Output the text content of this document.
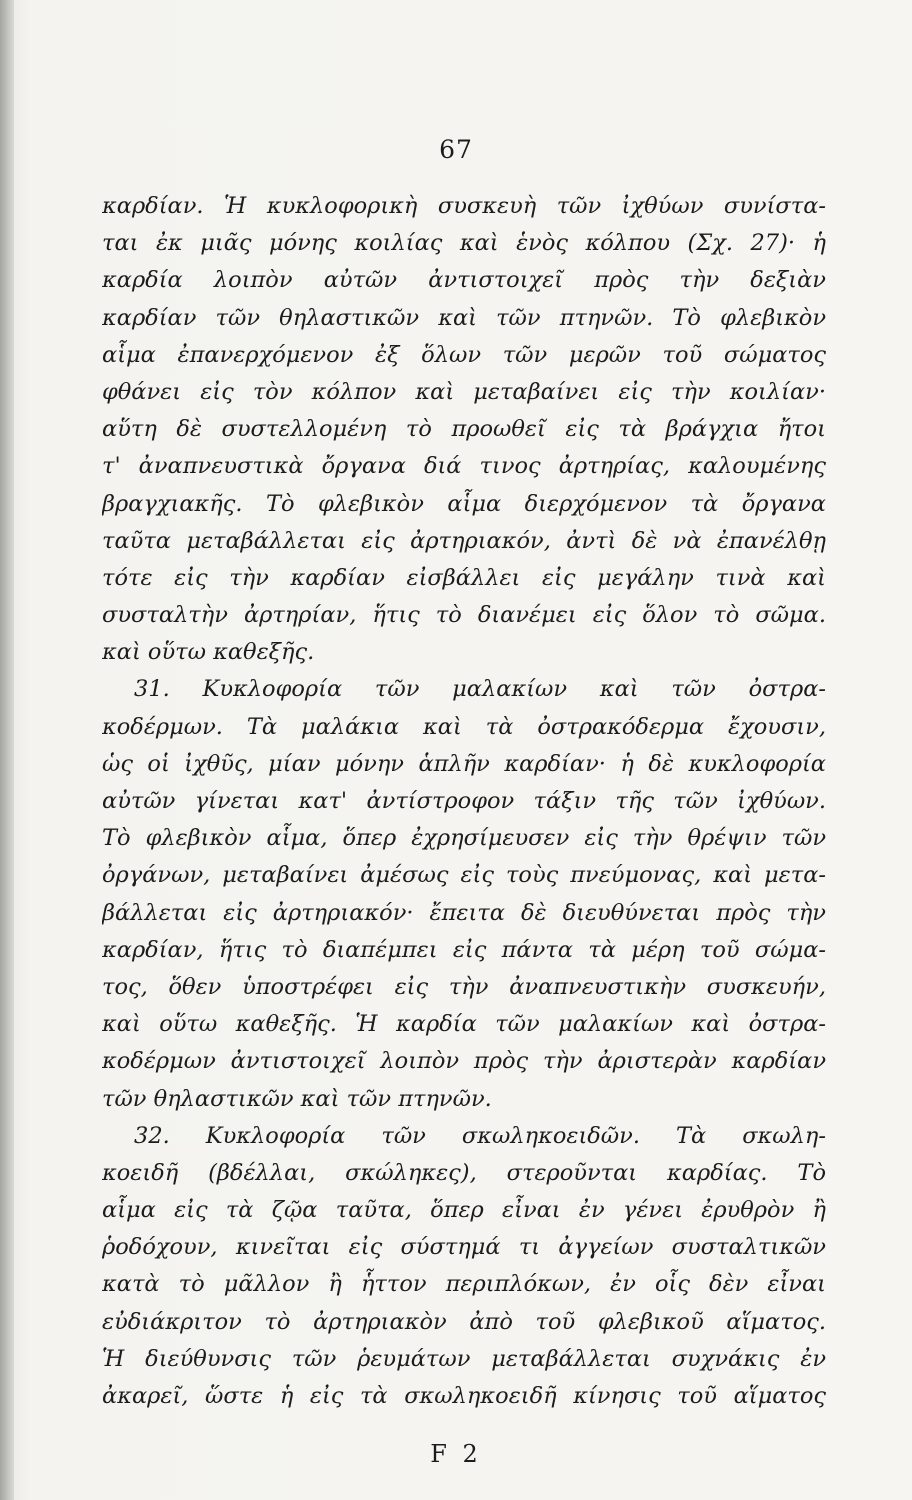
67
καρδίαν. Ἡ κυκλοφορικὴ συσκευὴ τῶν ἰχθύων συνίστα-
ται ἐκ μιᾶς μόνης κοιλίας καὶ ἑνὸς κόλπου (Σχ. 27)· ἡ
καρδία λοιπὸν αὐτῶν ἀντιστοιχεῖ πρὸς τὴν δεξιὰν
καρδίαν τῶν θηλαστικῶν καὶ τῶν πτηνῶν. Τὸ φλεβικὸν
αἷμα ἐπανερχόμενον ἐξ ὅλων τῶν μερῶν τοῦ σώματος
φθάνει εἰς τὸν κόλπον καὶ μεταβαίνει εἰς τὴν κοιλίαν·
αὕτη δὲ συστελλομένη τὸ προωθεῖ εἰς τὰ βράγχια ἤτοι
τ' ἀναπνευστικὰ ὄργανα διά τινος ἀρτηρίας, καλουμένης
βραγχιακῆς. Τὸ φλεβικὸν αἷμα διερχόμενον τὰ ὄργανα
ταῦτα μεταβάλλεται εἰς ἀρτηριακόν, ἀντὶ δὲ νὰ ἐπανέλθῃ
τότε εἰς τὴν καρδίαν εἰσβάλλει εἰς μεγάλην τινὰ καὶ
συσταλτὴν ἀρτηρίαν, ἥτις τὸ διανέμει εἰς ὅλον τὸ σῶμα.
καὶ οὕτω καθεξῆς.
31. Κυκλοφορία τῶν μαλακίων καὶ τῶν ὀστρα-
κοδέρμων. Τὰ μαλάκια καὶ τὰ ὀστρακόδερμα ἔχουσιν,
ὡς οἱ ἰχθῦς, μίαν μόνην ἁπλῆν καρδίαν· ἡ δὲ κυκλοφορία
αὐτῶν γίνεται κατ' ἀντίστροφον τάξιν τῆς τῶν ἰχθύων.
Τὸ φλεβικὸν αἷμα, ὅπερ ἐχρησίμευσεν εἰς τὴν θρέψιν τῶν
ὀργάνων, μεταβαίνει ἀμέσως εἰς τοὺς πνεύμονας, καὶ μετα-
βάλλεται εἰς ἀρτηριακόν· ἔπειτα δὲ διευθύνεται πρὸς τὴν
καρδίαν, ἥτις τὸ διαπέμπει εἰς πάντα τὰ μέρη τοῦ σώμα-
τος, ὅθεν ὑποστρέφει εἰς τὴν ἀναπνευστικὴν συσκευήν,
καὶ οὕτω καθεξῆς. Ἡ καρδία τῶν μαλακίων καὶ ὀστρα-
κοδέρμων ἀντιστοιχεῖ λοιπὸν πρὸς τὴν ἀριστερὰν καρδίαν
τῶν θηλαστικῶν καὶ τῶν πτηνῶν.
32. Κυκλοφορία τῶν σκωληκοειδῶν. Τὰ σκωλη-
κοειδῆ (βδέλλαι, σκώληκες), στεροῦνται καρδίας. Τὸ
αἷμα εἰς τὰ ζῷα ταῦτα, ὅπερ εἶναι ἐν γένει ἐρυθρὸν ἢ
ῥοδόχουν, κινεῖται εἰς σύστημά τι ἀγγείων συσταλτικῶν
κατὰ τὸ μᾶλλον ἢ ἧττον περιπλόκων, ἐν οἷς δὲν εἶναι
εὐδιάκριτον τὸ ἀρτηριακὸν ἀπὸ τοῦ φλεβικοῦ αἵματος.
Ἡ διεύθυνσις τῶν ῥευμάτων μεταβάλλεται συχνάκις ἐν
ἀκαρεῖ, ὥστε ἡ εἰς τὰ σκωληκοειδῆ κίνησις τοῦ αἵματος
F 2
